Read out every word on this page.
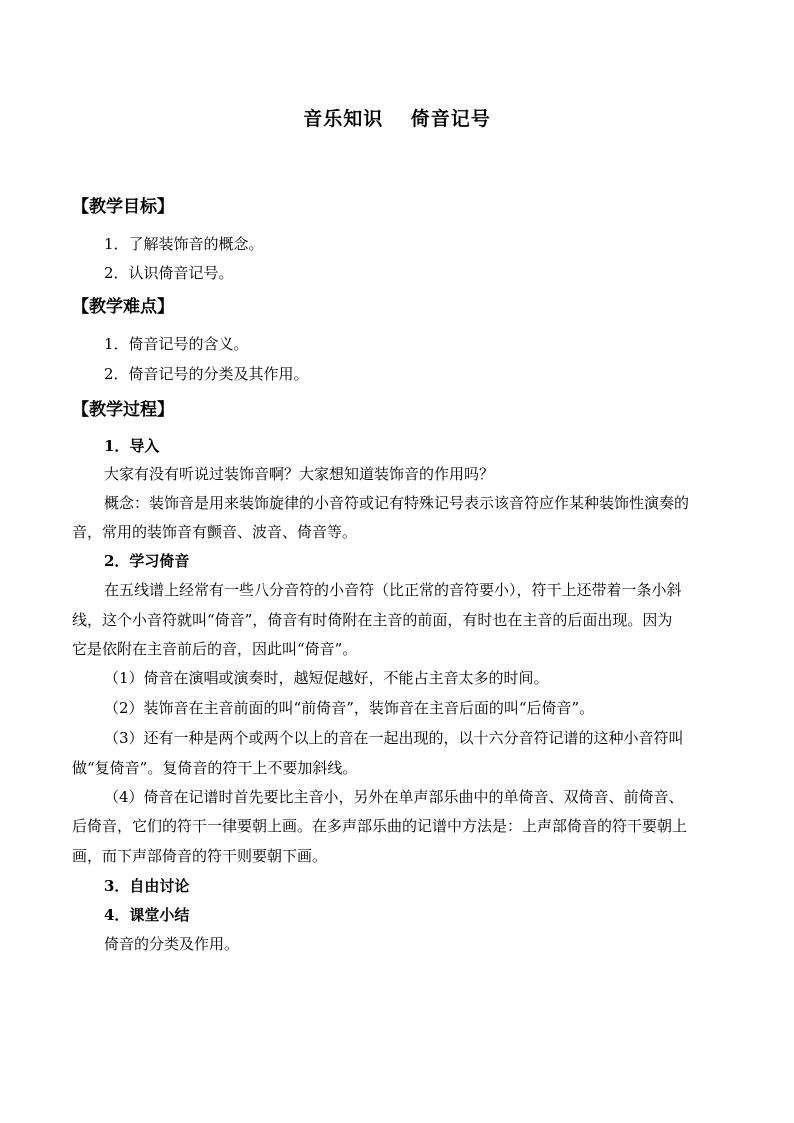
音乐知识　 倚音记号
【教学目标】
1．了解装饰音的概念。
2．认识倚音记号。
【教学难点】
1．倚音记号的含义。
2．倚音记号的分类及其作用。
【教学过程】
1．导入
大家有没有听说过装饰音啊？大家想知道装饰音的作用吗？
概念：装饰音是用来装饰旋律的小音符或记有特殊记号表示该音符应作某种装饰性演奏的
音，常用的装饰音有颤音、波音、倚音等。
2．学习倚音
在五线谱上经常有一些八分音符的小音符（比正常的音符要小），符干上还带着一条小斜
线，这个小音符就叫“倚音”，倚音有时倚附在主音的前面，有时也在主音的后面出现。因为
它是依附在主音前后的音，因此叫“倚音”。
（1）倚音在演唱或演奏时，越短促越好，不能占主音太多的时间。
（2）装饰音在主音前面的叫“前倚音”，装饰音在主音后面的叫“后倚音”。
（3）还有一种是两个或两个以上的音在一起出现的，以十六分音符记谱的这种小音符叫
做“复倚音”。复倚音的符干上不要加斜线。
（4）倚音在记谱时首先要比主音小，另外在单声部乐曲中的单倚音、双倚音、前倚音、
后倚音，它们的符干一律要朝上画。在多声部乐曲的记谱中方法是：上声部倚音的符干要朝上
画，而下声部倚音的符干则要朝下画。
3．自由讨论
4．课堂小结
倚音的分类及作用。
